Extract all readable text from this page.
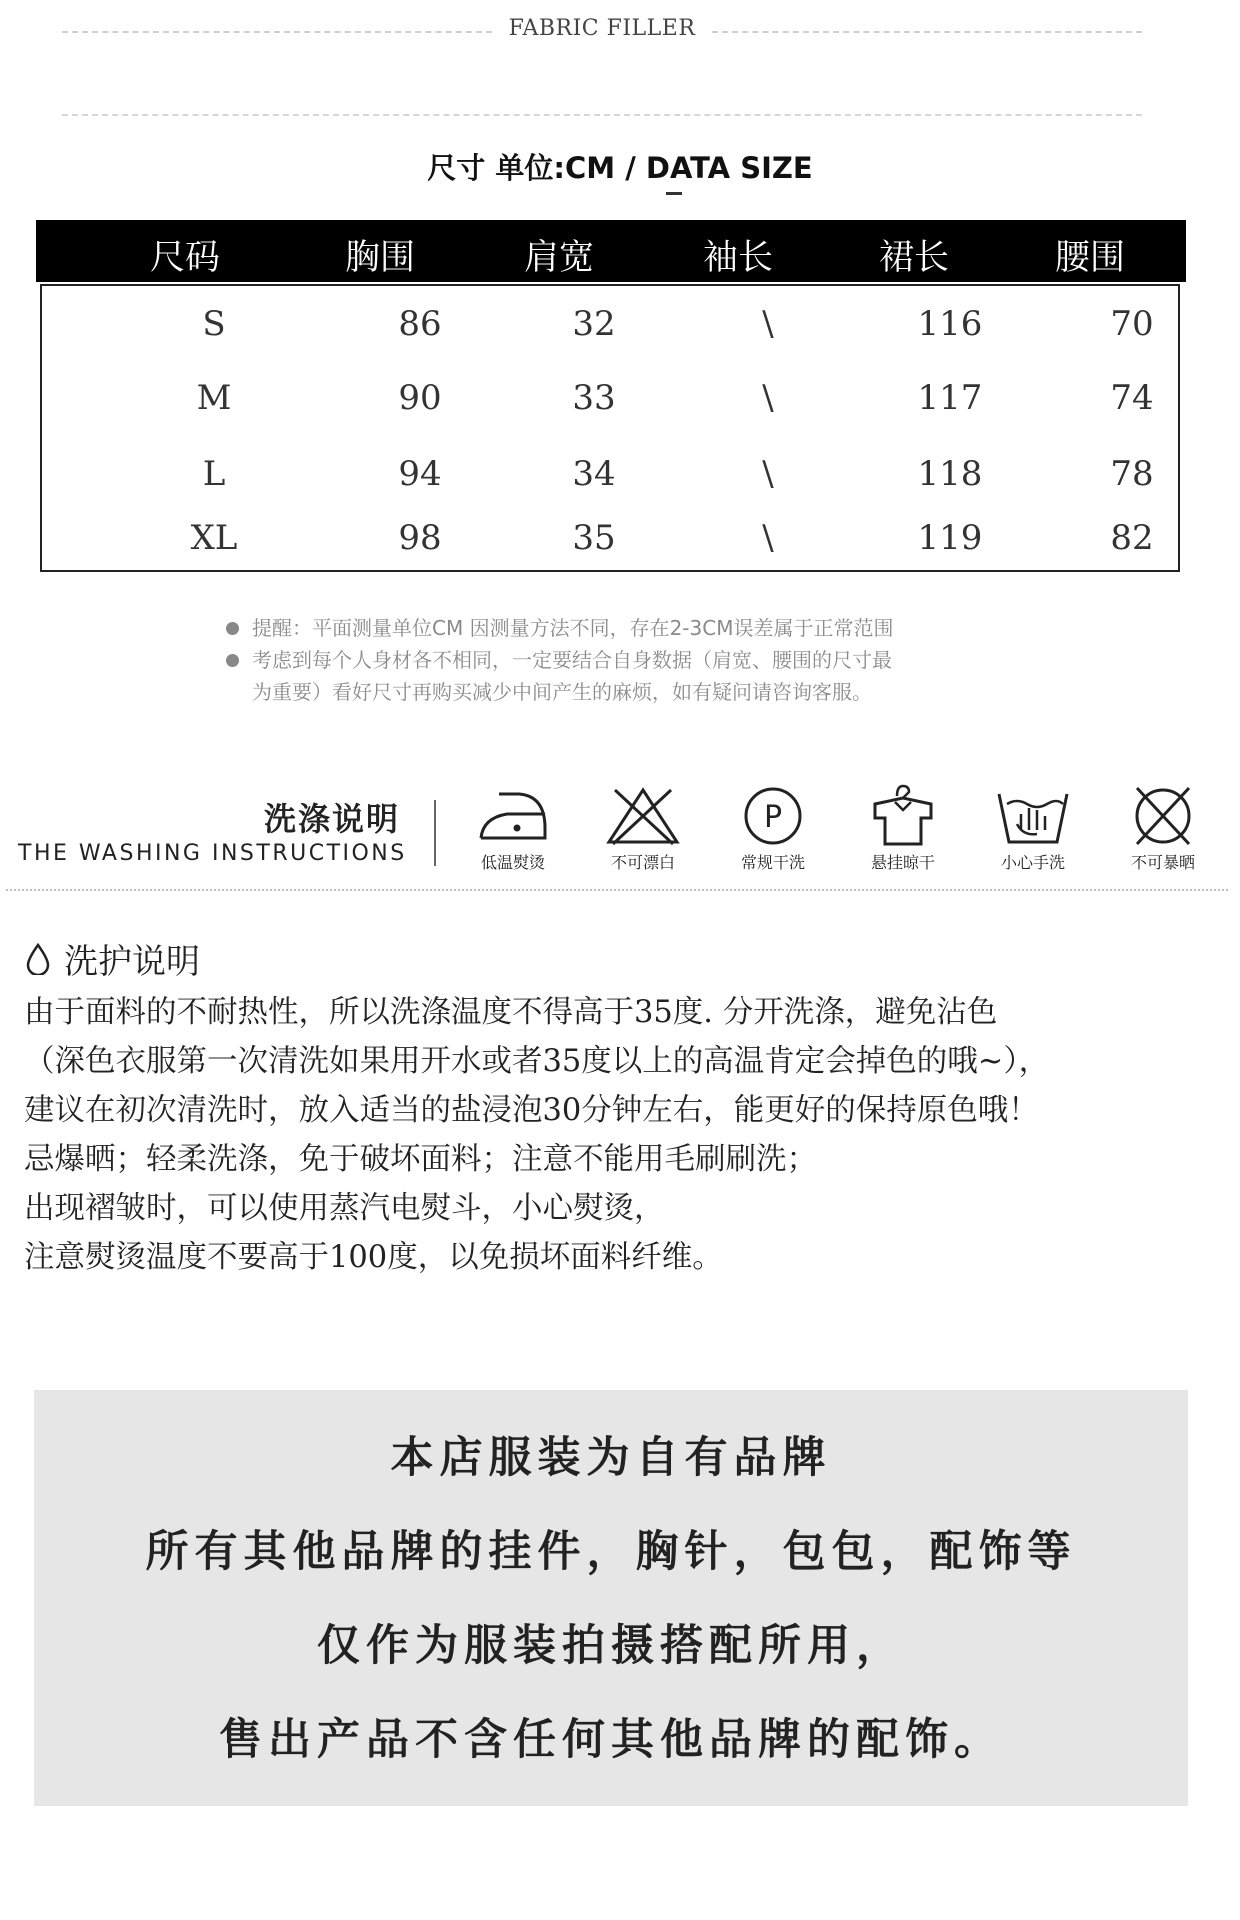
FABRIC FILLER
尺寸 单位:CM / DATA SIZE
尺码	胸围	肩宽	袖长	裙长	腰围
S	86	32	\	116	70
M	90	33	\	117	74
L	94	34	\	118	78
XL	98	35	\	119	82
提醒：平面测量单位CM 因测量方法不同，存在2-3CM误差属于正常范围
考虑到每个人身材各不相同，一定要结合自身数据（肩宽、腰围的尺寸最
为重要）看好尺寸再购买减少中间产生的麻烦，如有疑问请咨询客服。
洗涤说明
THE WASHING INSTRUCTIONS	低温熨烫	不可漂白
P
常规干洗	悬挂晾干	小心手洗	不可暴晒
洗护说明
由于面料的不耐热性，所以洗涤温度不得高于35度. 分开洗涤，避免沾色
（深色衣服第一次清洗如果用开水或者35度以上的高温肯定会掉色的哦~），
建议在初次清洗时，放入适当的盐浸泡30分钟左右，能更好的保持原色哦！
忌爆晒；轻柔洗涤，免于破坏面料；注意不能用毛刷刷洗；
出现褶皱时，可以使用蒸汽电熨斗，小心熨烫，
注意熨烫温度不要高于100度，以免损坏面料纤维。
本店服装为自有品牌
所有其他品牌的挂件，胸针，包包，配饰等
仅作为服装拍摄搭配所用，
售出产品不含任何其他品牌的配饰。
